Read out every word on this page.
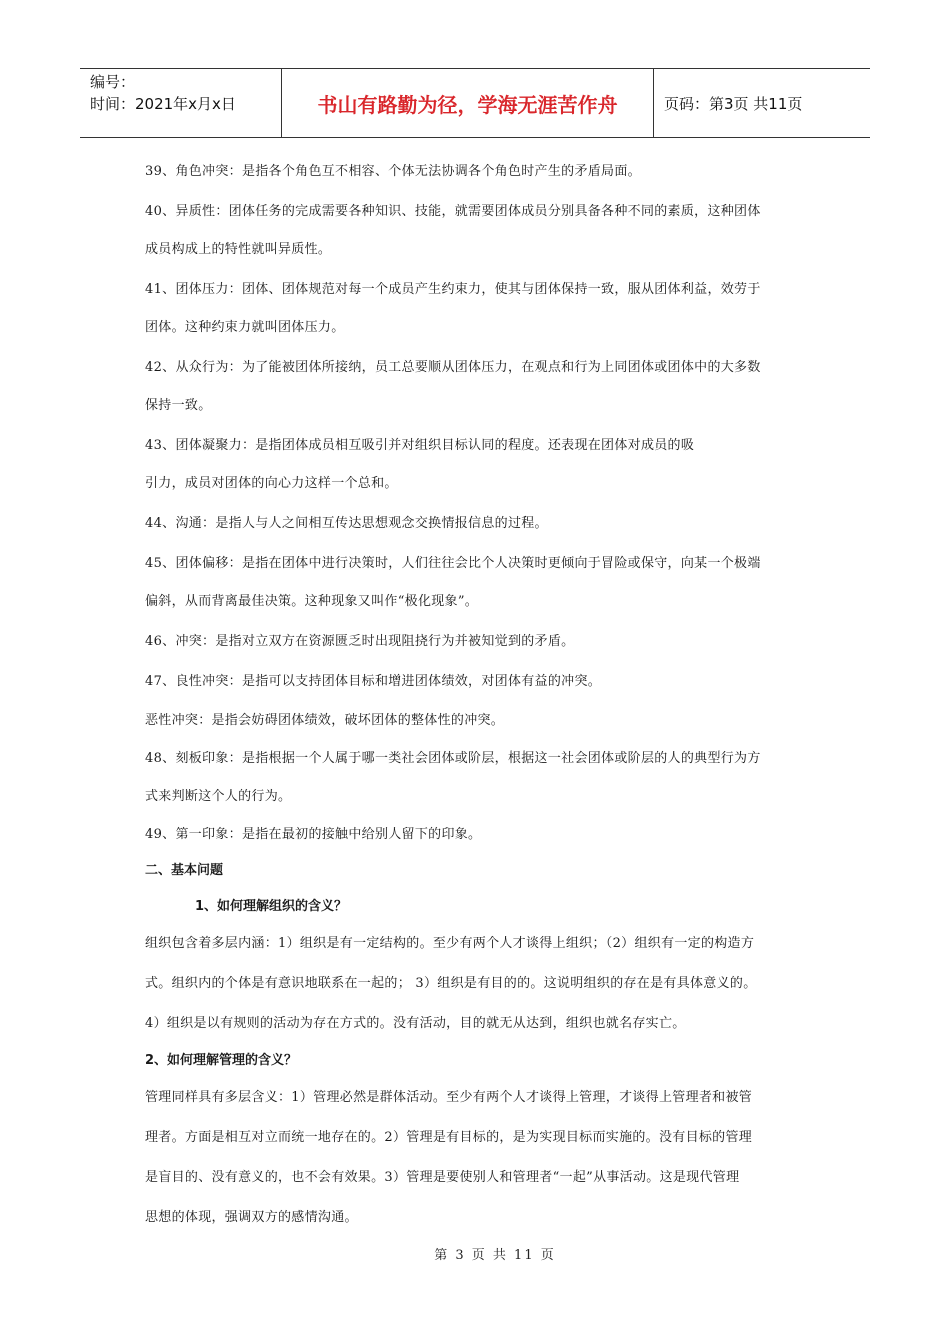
编号：
时间：2021年x月x日	书山有路勤为径，学海无涯苦作舟	页码：第3页 共11页

39、角色冲突：是指各个角色互不相容、个体无法协调各个角色时产生的矛盾局面。

40、异质性：团体任务的完成需要各种知识、技能，就需要团体成员分别具备各种不同的素质，这种团体

成员构成上的特性就叫异质性。

41、团体压力：团体、团体规范对每一个成员产生约束力，使其与团体保持一致，服从团体利益，效劳于

团体。这种约束力就叫团体压力。

42、从众行为：为了能被团体所接纳，员工总要顺从团体压力，在观点和行为上同团体或团体中的大多数

保持一致。

43、团体凝聚力：是指团体成员相互吸引并对组织目标认同的程度。还表现在团体对成员的吸

引力，成员对团体的向心力这样一个总和。

44、沟通：是指人与人之间相互传达思想观念交换情报信息的过程。

45、团体偏移：是指在团体中进行决策时，人们往往会比个人决策时更倾向于冒险或保守，向某一个极端

偏斜，从而背离最佳决策。这种现象又叫作“极化现象”。

46、冲突：是指对立双方在资源匮乏时出现阻挠行为并被知觉到的矛盾。

47、良性冲突：是指可以支持团体目标和增进团体绩效，对团体有益的冲突。

恶性冲突：是指会妨碍团体绩效，破坏团体的整体性的冲突。

48、刻板印象：是指根据一个人属于哪一类社会团体或阶层，根据这一社会团体或阶层的人的典型行为方

式来判断这个人的行为。

49、第一印象：是指在最初的接触中给别人留下的印象。

二、基本问题
1、如何理解组织的含义？

组织包含着多层内涵：1）组织是有一定结构的。至少有两个人才谈得上组织；（2）组织有一定的构造方

式。组织内的个体是有意识地联系在一起的； 3）组织是有目的的。这说明组织的存在是有具体意义的。

4）组织是以有规则的活动为存在方式的。没有活动，目的就无从达到，组织也就名存实亡。

2、如何理解管理的含义？

管理同样具有多层含义：1）管理必然是群体活动。至少有两个人才谈得上管理，才谈得上管理者和被管

理者。方面是相互对立而统一地存在的。2）管理是有目标的，是为实现目标而实施的。没有目标的管理

是盲目的、没有意义的，也不会有效果。3）管理是要使别人和管理者“一起”从事活动。这是现代管理

思想的体现，强调双方的感情沟通。

第 3 页 共 11 页
